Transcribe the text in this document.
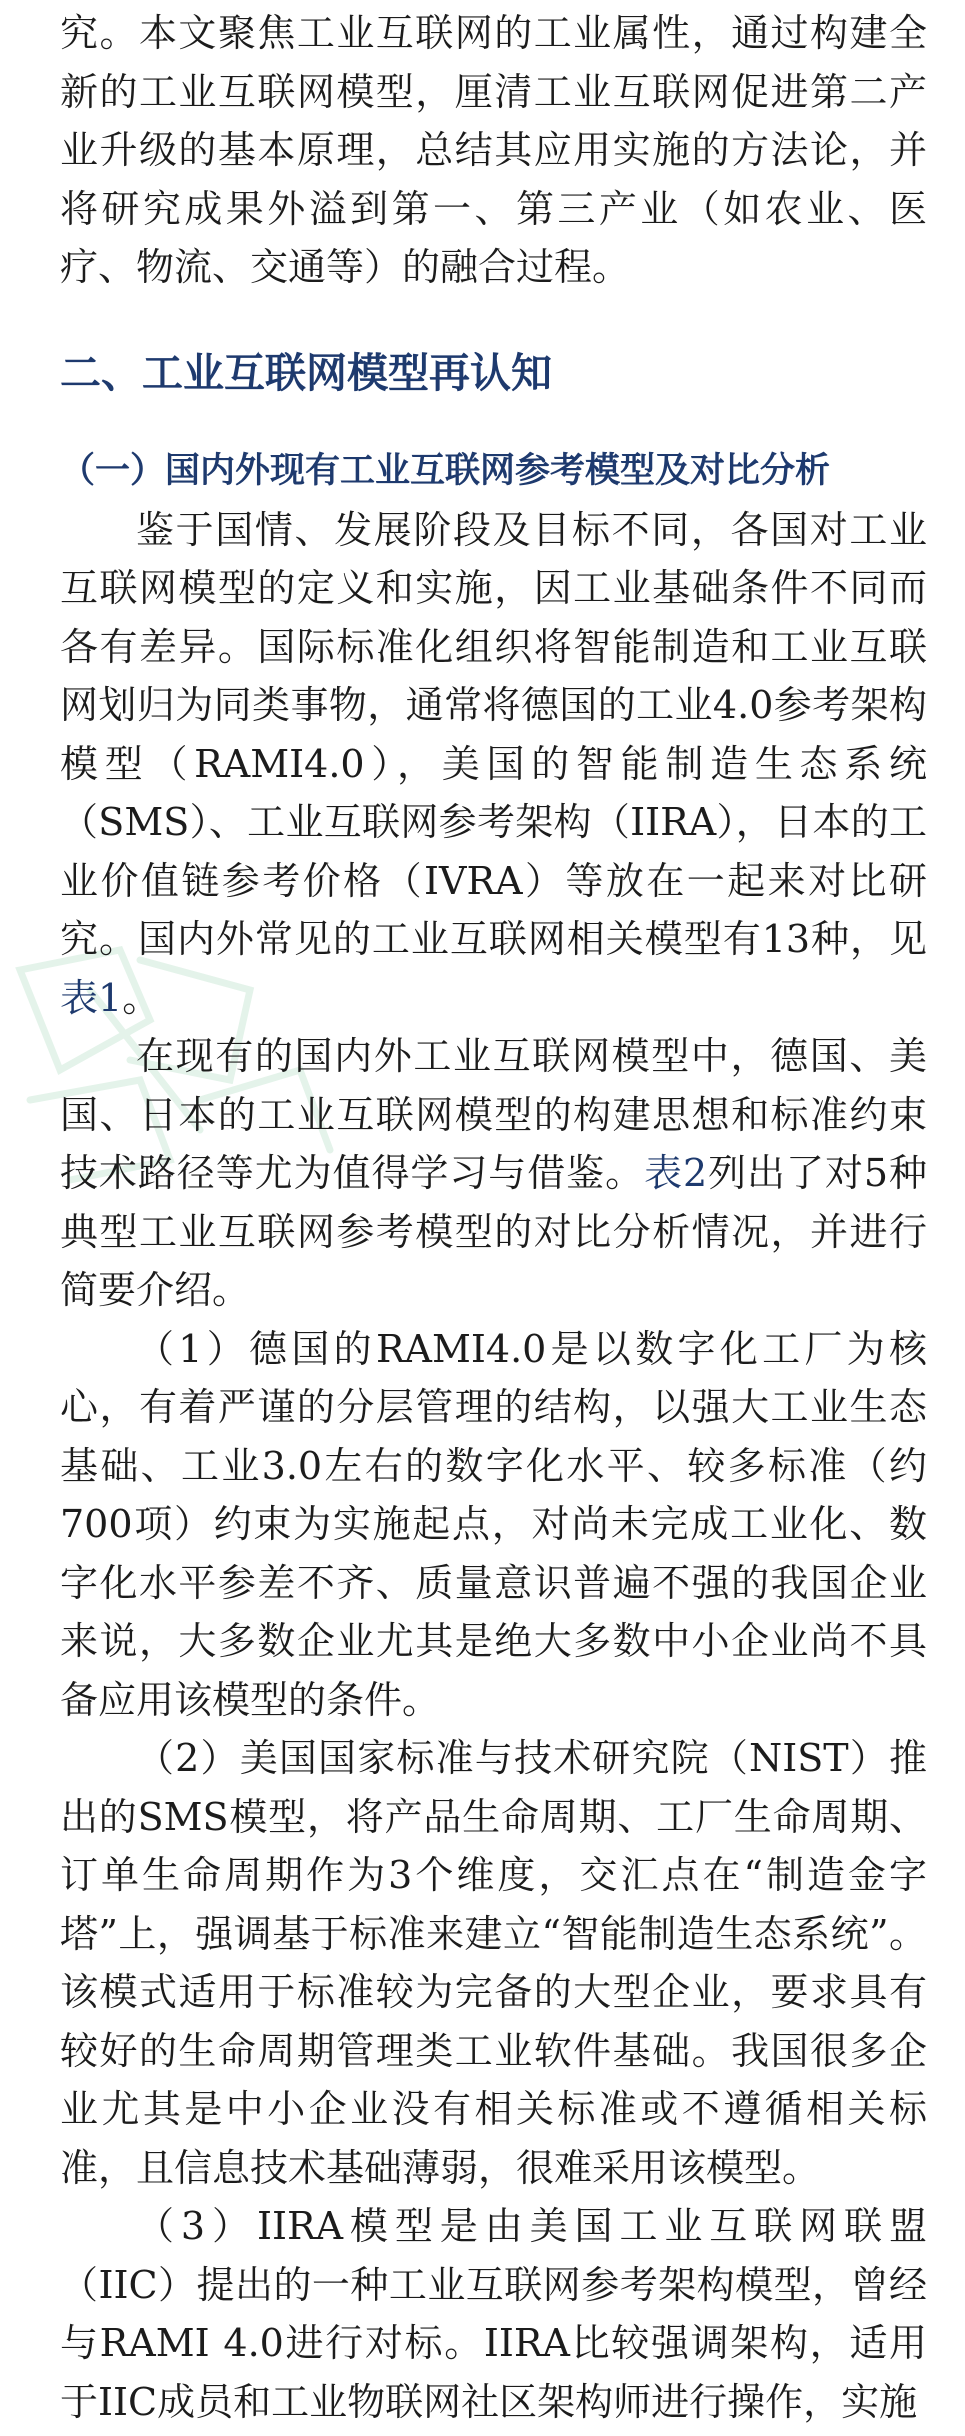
究。本文聚焦工业互联网的工业属性，通过构建全新的工业互联网模型，厘清工业互联网促进第二产业升级的基本原理，总结其应用实施的方法论，并将研究成果外溢到第一、第三产业（如农业、医疗、物流、交通等）的融合过程。

二、工业互联网模型再认知
（一）国内外现有工业互联网参考模型及对比分析

鉴于国情、发展阶段及目标不同，各国对工业互联网模型的定义和实施，因工业基础条件不同而各有差异。国际标准化组织将智能制造和工业互联网划归为同类事物，通常将德国的工业4.0参考架构模型（RAMI4.0），美国的智能制造生态系统（SMS）、工业互联网参考架构（IIRA），日本的工业价值链参考价格（IVRA）等放在一起来对比研究。国内外常见的工业互联网相关模型有13种，见表1。

在现有的国内外工业互联网模型中，德国、美国、日本的工业互联网模型的构建思想和标准约束技术路径等尤为值得学习与借鉴。表2列出了对5种典型工业互联网参考模型的对比分析情况，并进行简要介绍。

（1）德国的RAMI4.0是以数字化工厂为核心，有着严谨的分层管理的结构，以强大工业生态基础、工业3.0左右的数字化水平、较多标准（约700项）约束为实施起点，对尚未完成工业化、数字化水平参差不齐、质量意识普遍不强的我国企业来说，大多数企业尤其是绝大多数中小企业尚不具备应用该模型的条件。

（2）美国国家标准与技术研究院（NIST）推出的SMS模型，将产品生命周期、工厂生命周期、订单生命周期作为3个维度，交汇点在“制造金字塔”上，强调基于标准来建立“智能制造生态系统”。该模式适用于标准较为完备的大型企业，要求具有较好的生命周期管理类工业软件基础。我国很多企业尤其是中小企业没有相关标准或不遵循相关标准，且信息技术基础薄弱，很难采用该模型。

（3）IIRA模型是由美国工业互联网联盟（IIC）提出的一种工业互联网参考架构模型，曾经与RAMI 4.0进行对标。IIRA比较强调架构，适用于IIC成员和工业物联网社区架构师进行操作，实施
